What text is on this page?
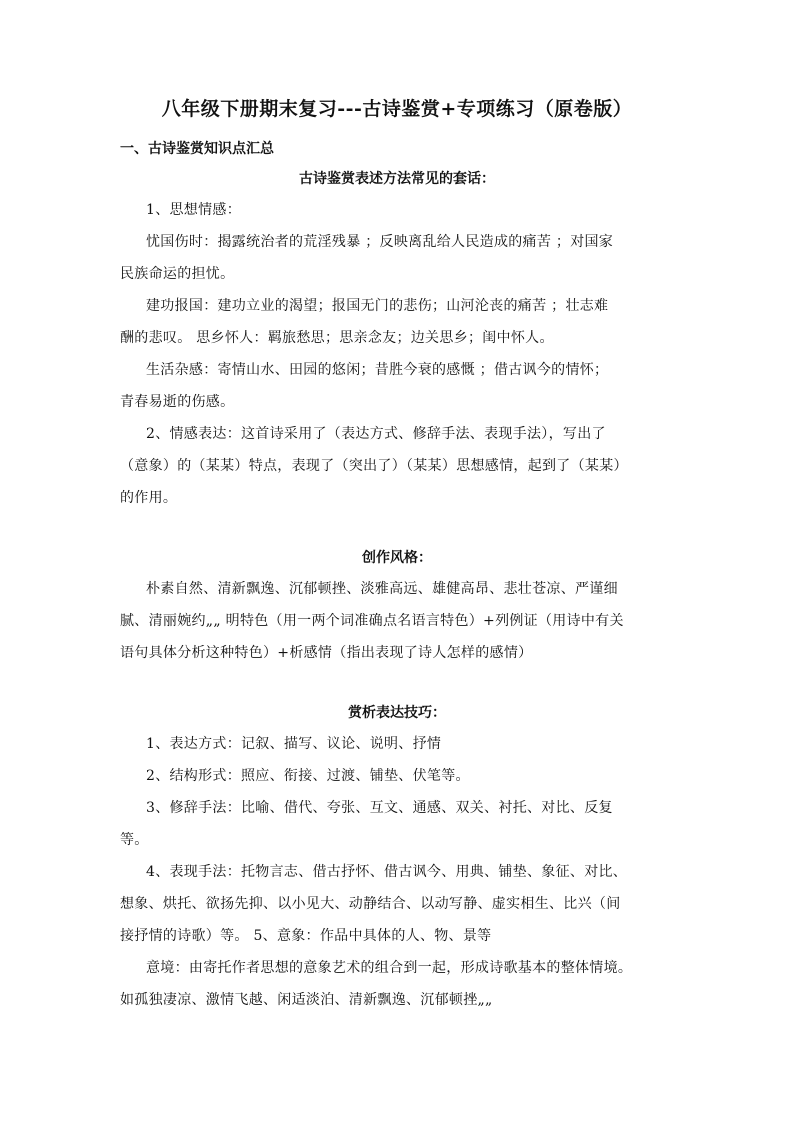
八年级下册期末复习---古诗鉴赏+专项练习（原卷版）
一、古诗鉴赏知识点汇总
古诗鉴赏表述方法常见的套话：
1、思想情感：
忧国伤时：揭露统治者的荒淫残暴 ；反映离乱给人民造成的痛苦 ；对国家
民族命运的担忧。
建功报国：建功立业的渴望；报国无门的悲伤；山河沦丧的痛苦 ；壮志难
酬的悲叹。 思乡怀人：羁旅愁思；思亲念友；边关思乡；闺中怀人。
生活杂感：寄情山水、田园的悠闲；昔胜今衰的感慨 ；借古讽今的情怀；
青春易逝的伤感。
2、情感表达：这首诗采用了（表达方式、修辞手法、表现手法），写出了
（意象）的（某某）特点，表现了（突出了）（某某）思想感情，起到了（某某）
的作用。
创作风格：
朴素自然、清新飘逸、沉郁顿挫、淡雅高远、雄健高昂、悲壮苍凉、严谨细
腻、清丽婉约„„ 明特色（用一两个词准确点名语言特色）+列例证（用诗中有关
语句具体分析这种特色）+析感情（指出表现了诗人怎样的感情）
赏析表达技巧：
1、表达方式：记叙、描写、议论、说明、抒情
2、结构形式：照应、衔接、过渡、铺垫、伏笔等。
3、修辞手法：比喻、借代、夸张、互文、通感、双关、衬托、对比、反复
等。
4、表现手法：托物言志、借古抒怀、借古讽今、用典、铺垫、象征、对比、
想象、烘托、欲扬先抑、以小见大、动静结合、以动写静、虚实相生、比兴（间
接抒情的诗歌）等。 5、意象：作品中具体的人、物、景等
意境：由寄托作者思想的意象艺术的组合到一起，形成诗歌基本的整体情境。
如孤独凄凉、激情飞越、闲适淡泊、清新飘逸、沉郁顿挫„„
